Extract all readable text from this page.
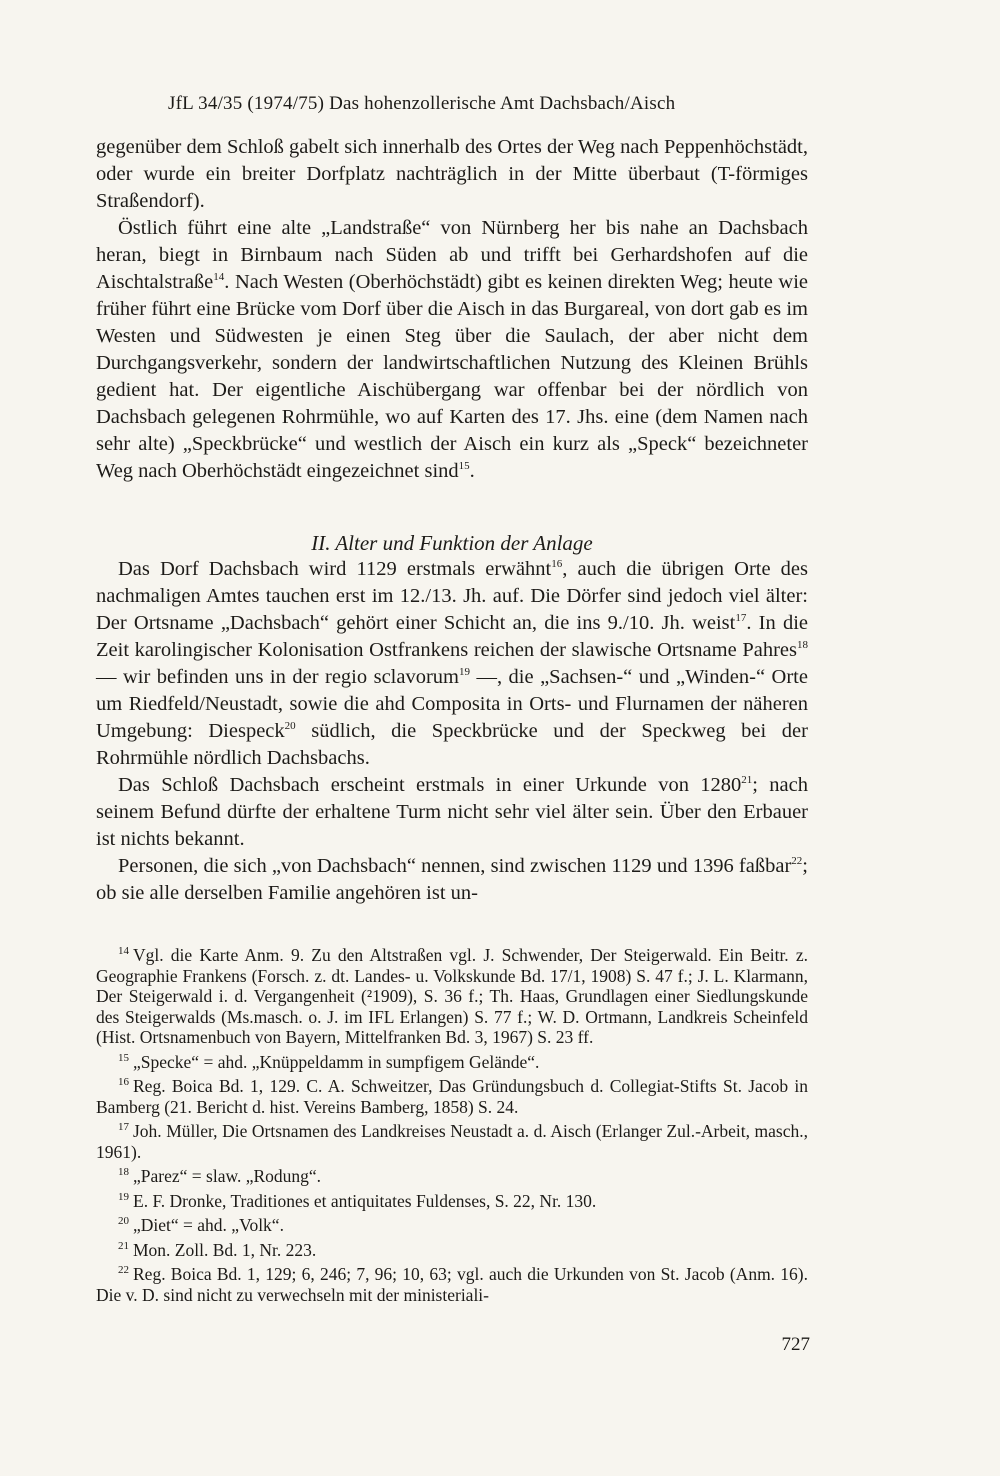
JfL 34/35 (1974/75) Das hohenzollerische Amt Dachsbach/Aisch

gegenüber dem Schloß gabelt sich innerhalb des Ortes der Weg nach Peppenhöchstädt, oder wurde ein breiter Dorfplatz nachträglich in der Mitte überbaut (T-förmiges Straßendorf).

Östlich führt eine alte „Landstraße“ von Nürnberg her bis nahe an Dachsbach heran, biegt in Birnbaum nach Süden ab und trifft bei Gerhardshofen auf die Aischtalstraße$^{14}$. Nach Westen (Oberhöchstädt) gibt es keinen direkten Weg; heute wie früher führt eine Brücke vom Dorf über die Aisch in das Burgareal, von dort gab es im Westen und Südwesten je einen Steg über die Saulach, der aber nicht dem Durchgangsverkehr, sondern der landwirtschaftlichen Nutzung des Kleinen Brühls gedient hat. Der eigentliche Aischübergang war offenbar bei der nördlich von Dachsbach gelegenen Rohrmühle, wo auf Karten des 17. Jhs. eine (dem Namen nach sehr alte) „Speckbrücke“ und westlich der Aisch ein kurz als „Speck“ bezeichneter Weg nach Oberhöchstädt eingezeichnet sind$^{15}$.

II. Alter und Funktion der Anlage

Das Dorf Dachsbach wird 1129 erstmals erwähnt$^{16}$, auch die übrigen Orte des nachmaligen Amtes tauchen erst im 12./13. Jh. auf. Die Dörfer sind jedoch viel älter: Der Ortsname „Dachsbach“ gehört einer Schicht an, die ins 9./10. Jh. weist$^{17}$. In die Zeit karolingischer Kolonisation Ostfrankens reichen der slawische Ortsname Pahres$^{18}$ — wir befinden uns in der regio sclavorum$^{19}$ —, die „Sachsen-“ und „Winden-“ Orte um Riedfeld/Neustadt, sowie die ahd Composita in Orts- und Flurnamen der näheren Umgebung: Diespeck$^{20}$ südlich, die Speckbrücke und der Speckweg bei der Rohrmühle nördlich Dachsbachs.

Das Schloß Dachsbach erscheint erstmals in einer Urkunde von 1280$^{21}$; nach seinem Befund dürfte der erhaltene Turm nicht sehr viel älter sein. Über den Erbauer ist nichts bekannt.

Personen, die sich „von Dachsbach“ nennen, sind zwischen 1129 und 1396 faßbar$^{22}$; ob sie alle derselben Familie angehören ist un-

$^{14}$ Vgl. die Karte Anm. 9. Zu den Altstraßen vgl. J. Schwender, Der Steigerwald. Ein Beitr. z. Geographie Frankens (Forsch. z. dt. Landes- u. Volkskunde Bd. 17/1, 1908) S. 47 f.; J. L. Klarmann, Der Steigerwald i. d. Vergangenheit (²1909), S. 36 f.; Th. Haas, Grundlagen einer Siedlungskunde des Steigerwalds (Ms.masch. o. J. im IFL Erlangen) S. 77 f.; W. D. Ortmann, Landkreis Scheinfeld (Hist. Ortsnamenbuch von Bayern, Mittelfranken Bd. 3, 1967) S. 23 ff.

$^{15}$ „Specke“ = ahd. „Knüppeldamm in sumpfigem Gelände“.

$^{16}$ Reg. Boica Bd. 1, 129. C. A. Schweitzer, Das Gründungsbuch d. Collegiat-Stifts St. Jacob in Bamberg (21. Bericht d. hist. Vereins Bamberg, 1858) S. 24.

$^{17}$ Joh. Müller, Die Ortsnamen des Landkreises Neustadt a. d. Aisch (Erlanger Zul.-Arbeit, masch., 1961).

$^{18}$ „Parez“ = slaw. „Rodung“.

$^{19}$ E. F. Dronke, Traditiones et antiquitates Fuldenses, S. 22, Nr. 130.

$^{20}$ „Diet“ = ahd. „Volk“.

$^{21}$ Mon. Zoll. Bd. 1, Nr. 223.

$^{22}$ Reg. Boica Bd. 1, 129; 6, 246; 7, 96; 10, 63; vgl. auch die Urkunden von St. Jacob (Anm. 16). Die v. D. sind nicht zu verwechseln mit der ministeriali-

727
